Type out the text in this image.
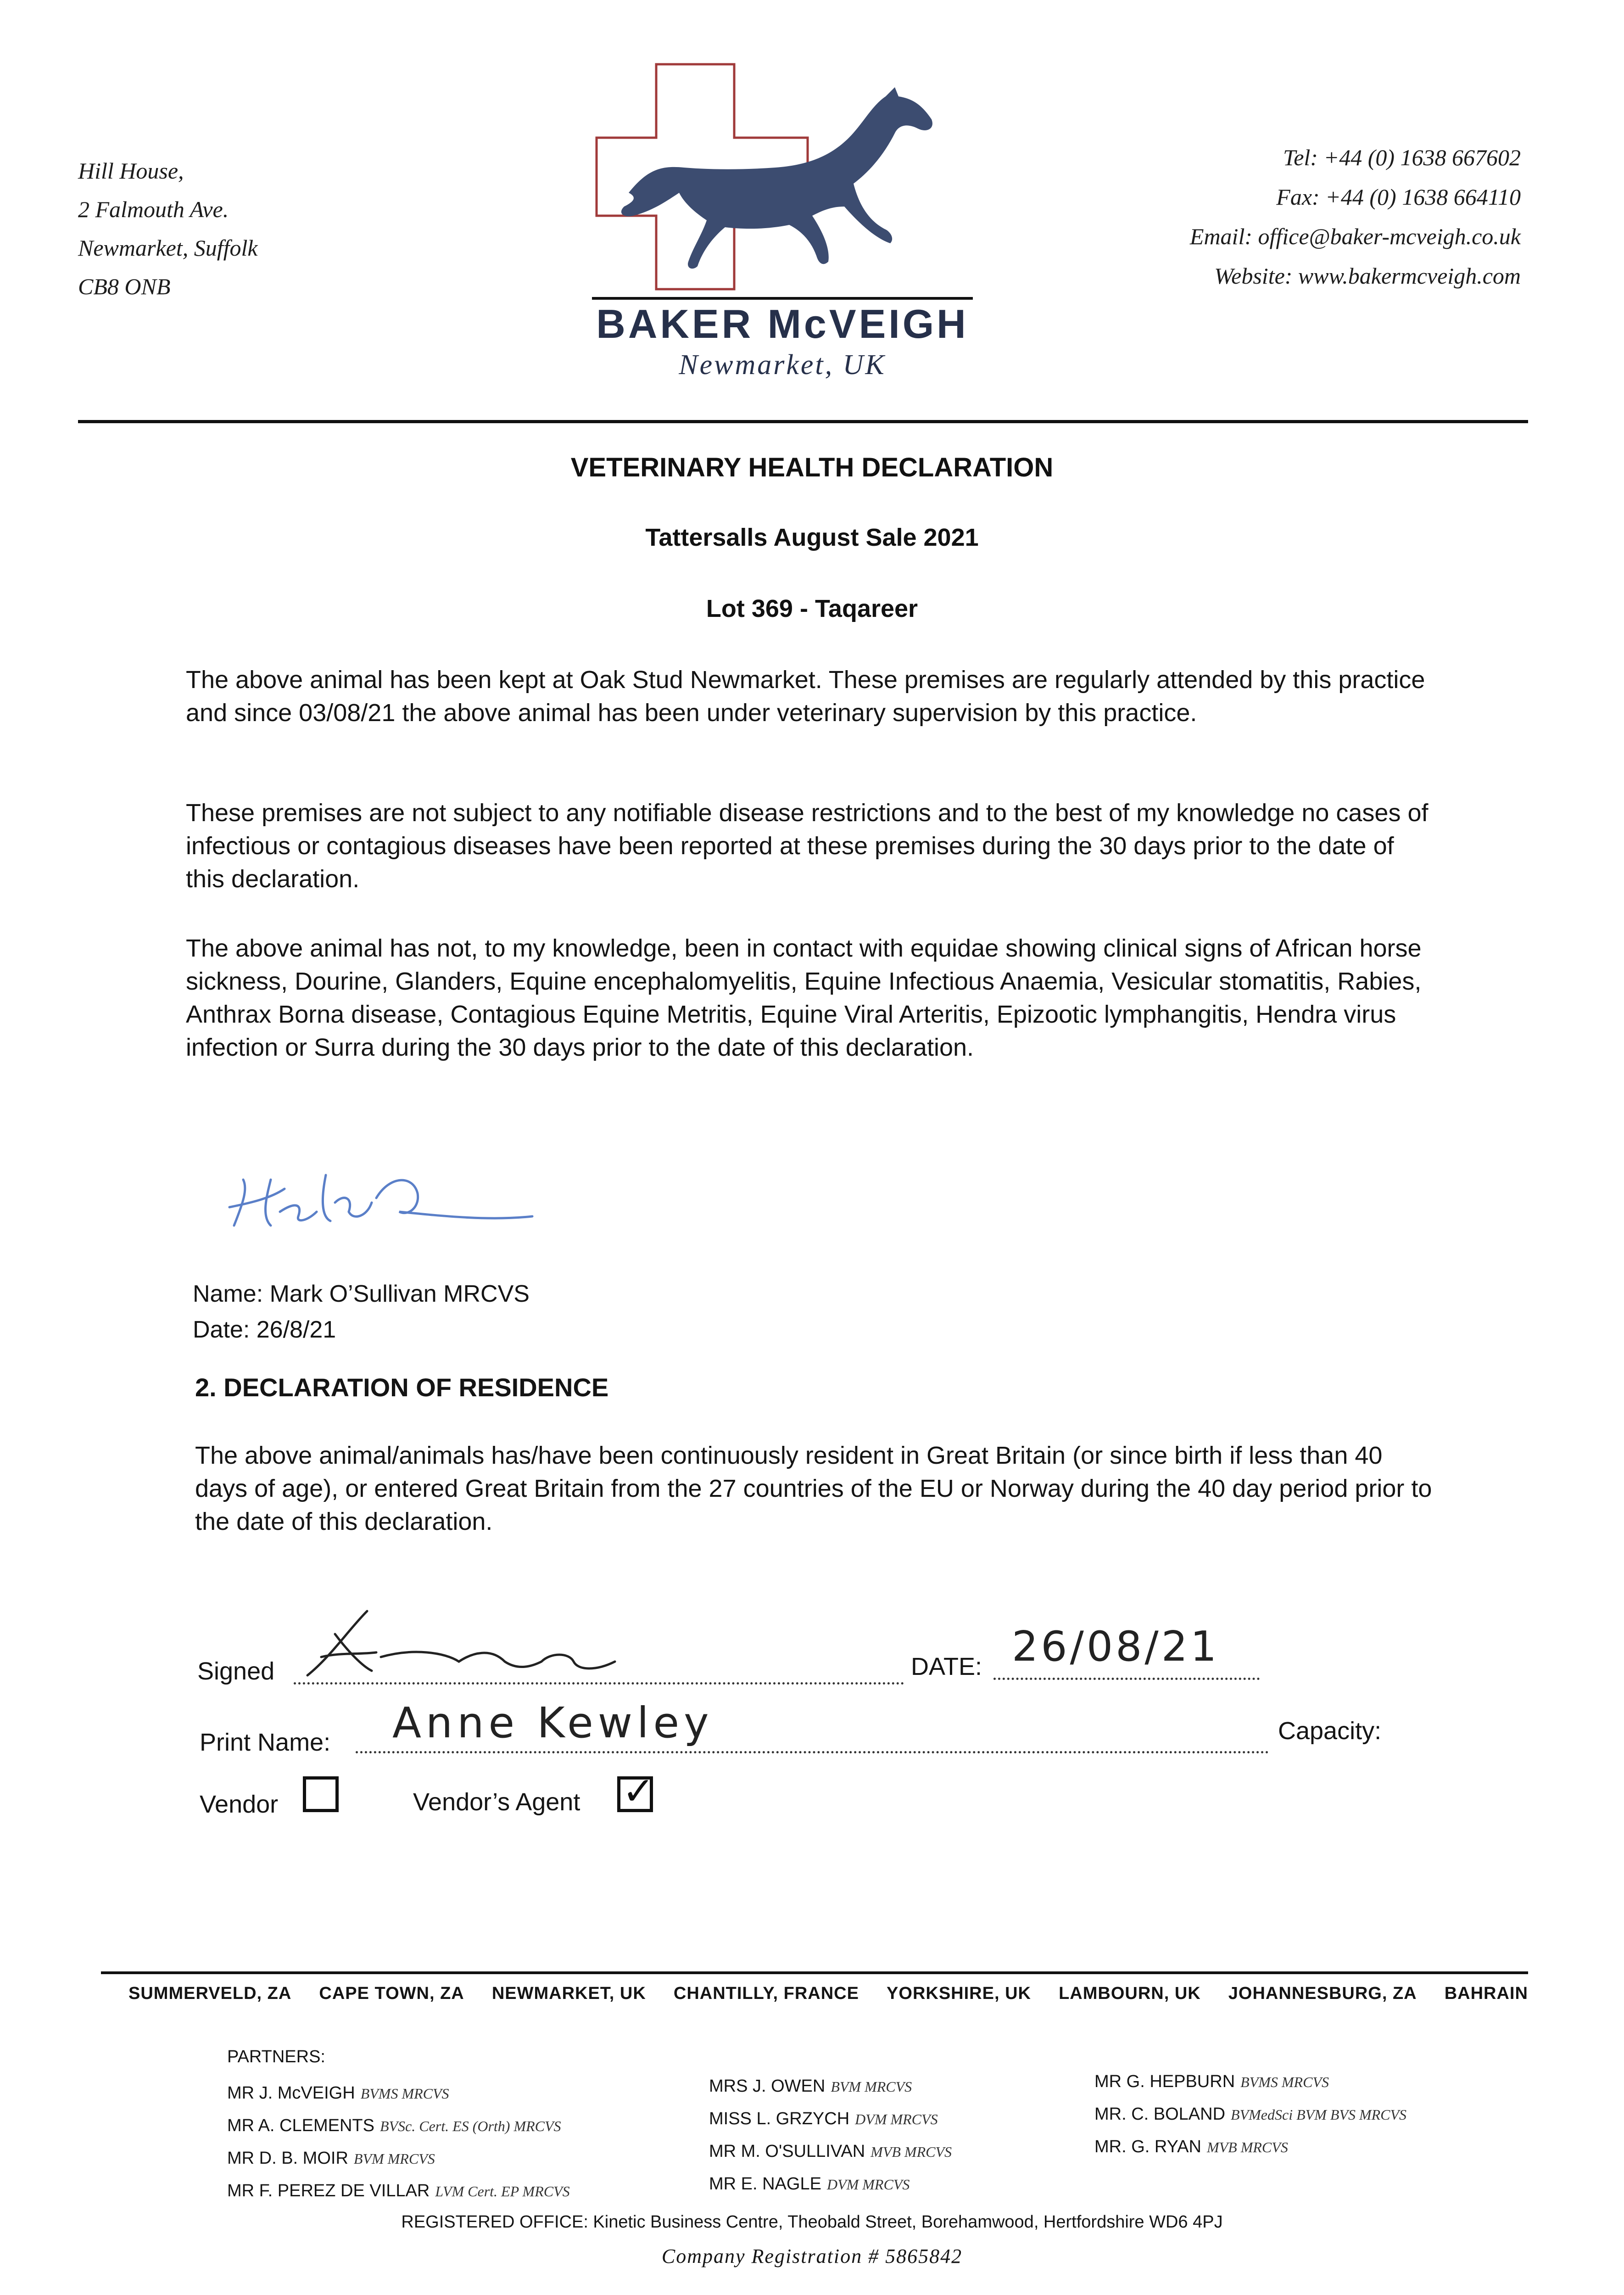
Hill House,
2 Falmouth Ave.
Newmarket, Suffolk
CB8 ONB
BAKER McVEIGH
Newmarket, UK
Tel: +44 (0) 1638 667602
Fax: +44 (0) 1638 664110
Email: office@baker-mcveigh.co.uk
Website: www.bakermcveigh.com
VETERINARY HEALTH DECLARATION
Tattersalls August Sale 2021
Lot 369 - Taqareer

The above animal has been kept at Oak Stud Newmarket. These premises are regularly attended by this practice and since 03/08/21 the above animal has been under veterinary supervision by this practice.

These premises are not subject to any notifiable disease restrictions and to the best of my knowledge no cases of infectious or contagious diseases have been reported at these premises during the 30 days prior to the date of this declaration.

The above animal has not, to my knowledge, been in contact with equidae showing clinical signs of African horse sickness, Dourine, Glanders, Equine encephalomyelitis, Equine Infectious Anaemia, Vesicular stomatitis, Rabies, Anthrax Borna disease, Contagious Equine Metritis, Equine Viral Arteritis, Epizootic lymphangitis, Hendra virus infection or Surra during the 30 days prior to the date of this declaration.

Name: Mark O’Sullivan MRCVS
Date: 26/8/21
2. DECLARATION OF RESIDENCE

The above animal/animals has/have been continuously resident in Great Britain (or since birth if less than 40 days of age), or entered Great Britain from the 27 countries of the EU or Norway during the 40 day period prior to the date of this declaration.

Signed	DATE: 26/08/21
Print Name: Anne Kewley	Capacity:
Vendor	Vendor’s Agent ✓
SUMMERVELD, ZA CAPE TOWN, ZA NEWMARKET, UK CHANTILLY, FRANCE YORKSHIRE, UK LAMBOURN, UK JOHANNESBURG, ZA BAHRAIN
PARTNERS:
MR J. McVEIGH BVMS MRCVS
MR A. CLEMENTS BVSc. Cert. ES (Orth) MRCVS
MR D. B. MOIR BVM MRCVS
MR F. PEREZ DE VILLAR LVM Cert. EP MRCVS
MRS J. OWEN BVM MRCVS
MISS L. GRZYCH DVM MRCVS
MR M. O'SULLIVAN MVB MRCVS
MR E. NAGLE DVM MRCVS
MR G. HEPBURN BVMS MRCVS
MR. C. BOLAND BVMedSci BVM BVS MRCVS
MR. G. RYAN MVB MRCVS
REGISTERED OFFICE: Kinetic Business Centre, Theobald Street, Borehamwood, Hertfordshire WD6 4PJ
Company Registration # 5865842
